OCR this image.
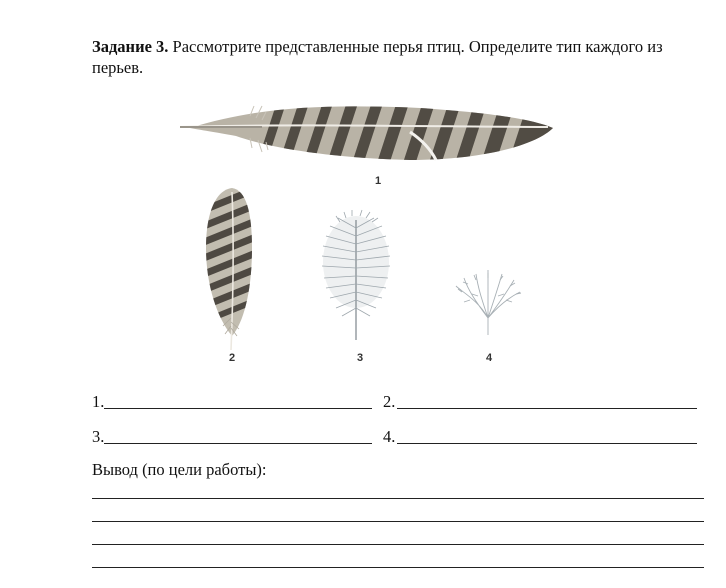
Задание 3. Рассмотрите представленные перья птиц. Определите тип каждого из перьев.
1
2	3	4
1.	2.
3.	4.
Вывод (по цели работы):
